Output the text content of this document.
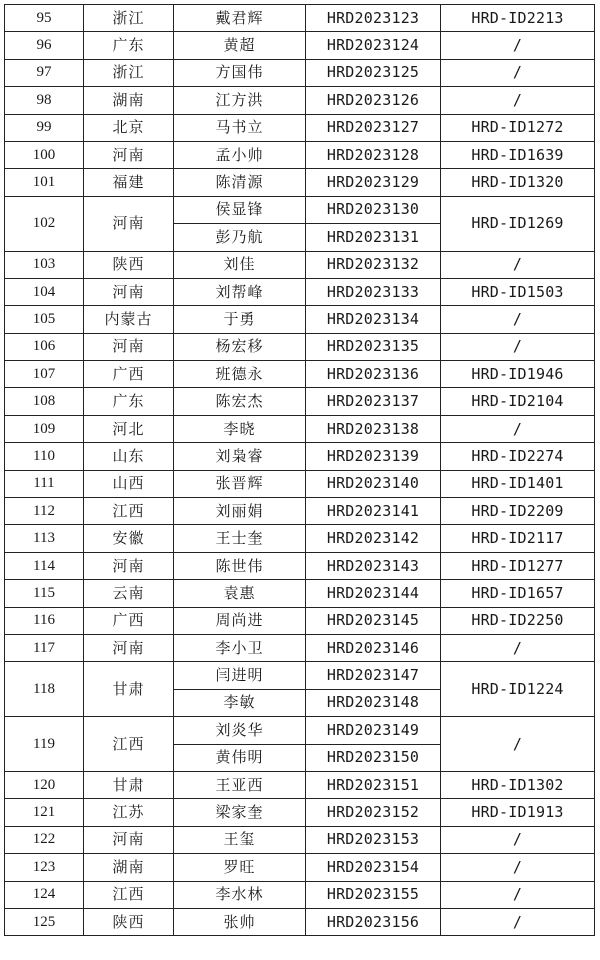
95	浙江	戴君辉	HRD2023123	HRD-ID2213
96	广东	黄超	HRD2023124	/
97	浙江	方国伟	HRD2023125	/
98	湖南	江方洪	HRD2023126	/
99	北京	马书立	HRD2023127	HRD-ID1272
100	河南	孟小帅	HRD2023128	HRD-ID1639
101	福建	陈清源	HRD2023129	HRD-ID1320
102	河南	侯显锋	HRD2023130	HRD-ID1269
		彭乃航	HRD2023131	
103	陕西	刘佳	HRD2023132	/
104	河南	刘帮峰	HRD2023133	HRD-ID1503
105	内蒙古	于勇	HRD2023134	/
106	河南	杨宏移	HRD2023135	/
107	广西	班德永	HRD2023136	HRD-ID1946
108	广东	陈宏杰	HRD2023137	HRD-ID2104
109	河北	李晓	HRD2023138	/
110	山东	刘枭睿	HRD2023139	HRD-ID2274
111	山西	张晋辉	HRD2023140	HRD-ID1401
112	江西	刘丽娟	HRD2023141	HRD-ID2209
113	安徽	王士奎	HRD2023142	HRD-ID2117
114	河南	陈世伟	HRD2023143	HRD-ID1277
115	云南	袁惠	HRD2023144	HRD-ID1657
116	广西	周尚进	HRD2023145	HRD-ID2250
117	河南	李小卫	HRD2023146	/
118	甘肃	闫进明	HRD2023147	HRD-ID1224
		李敏	HRD2023148	
119	江西	刘炎华	HRD2023149	/
		黄伟明	HRD2023150	
120	甘肃	王亚西	HRD2023151	HRD-ID1302
121	江苏	梁家奎	HRD2023152	HRD-ID1913
122	河南	王玺	HRD2023153	/
123	湖南	罗旺	HRD2023154	/
124	江西	李水林	HRD2023155	/
125	陕西	张帅	HRD2023156	/
